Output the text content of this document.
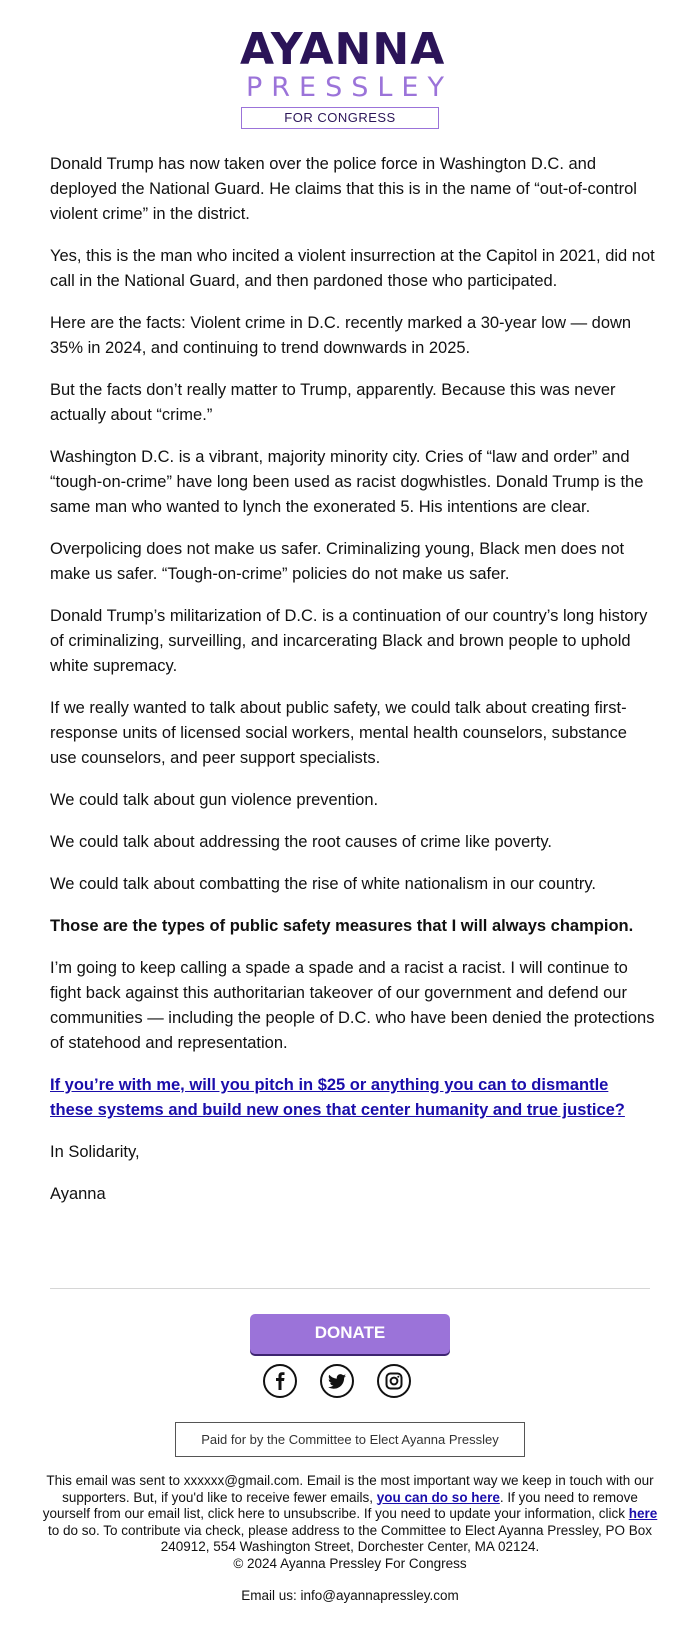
AYANNA
PRESSLEY
FOR CONGRESS

Donald Trump has now taken over the police force in Washington D.C. and deployed the National Guard. He claims that this is in the name of “out-of-control violent crime” in the district.

Yes, this is the man who incited a violent insurrection at the Capitol in 2021, did not call in the National Guard, and then pardoned those who participated.

Here are the facts: Violent crime in D.C. recently marked a 30-year low — down 35% in 2024, and continuing to trend downwards in 2025.

But the facts don’t really matter to Trump, apparently. Because this was never actually about “crime.”

Washington D.C. is a vibrant, majority minority city. Cries of “law and order” and “tough-on-crime” have long been used as racist dogwhistles. Donald Trump is the same man who wanted to lynch the exonerated 5. His intentions are clear.

Overpolicing does not make us safer. Criminalizing young, Black men does not make us safer. “Tough-on-crime” policies do not make us safer.

Donald Trump’s militarization of D.C. is a continuation of our country’s long history of criminalizing, surveilling, and incarcerating Black and brown people to uphold white supremacy.

If we really wanted to talk about public safety, we could talk about creating first-response units of licensed social workers, mental health counselors, substance use counselors, and peer support specialists.

We could talk about gun violence prevention.

We could talk about addressing the root causes of crime like poverty.

We could talk about combatting the rise of white nationalism in our country.

Those are the types of public safety measures that I will always champion.

I’m going to keep calling a spade a spade and a racist a racist. I will continue to fight back against this authoritarian takeover of our government and defend our communities — including the people of D.C. who have been denied the protections of statehood and representation.

If you’re with me, will you pitch in $25 or anything you can to dismantle these systems and build new ones that center humanity and true justice?

In Solidarity,

Ayanna

DONATE
Paid for by the Committee to Elect Ayanna Pressley
This email was sent to xxxxxx@gmail.com. Email is the most important way we keep in touch with our supporters. But, if you'd like to receive fewer emails, you can do so here. If you need to remove yourself from our email list, click here to unsubscribe. If you need to update your information, click here to do so. To contribute via check, please address to the Committee to Elect Ayanna Pressley, PO Box 240912, 554 Washington Street, Dorchester Center, MA 02124.
© 2024 Ayanna Pressley For Congress
Email us: info@ayannapressley.com
